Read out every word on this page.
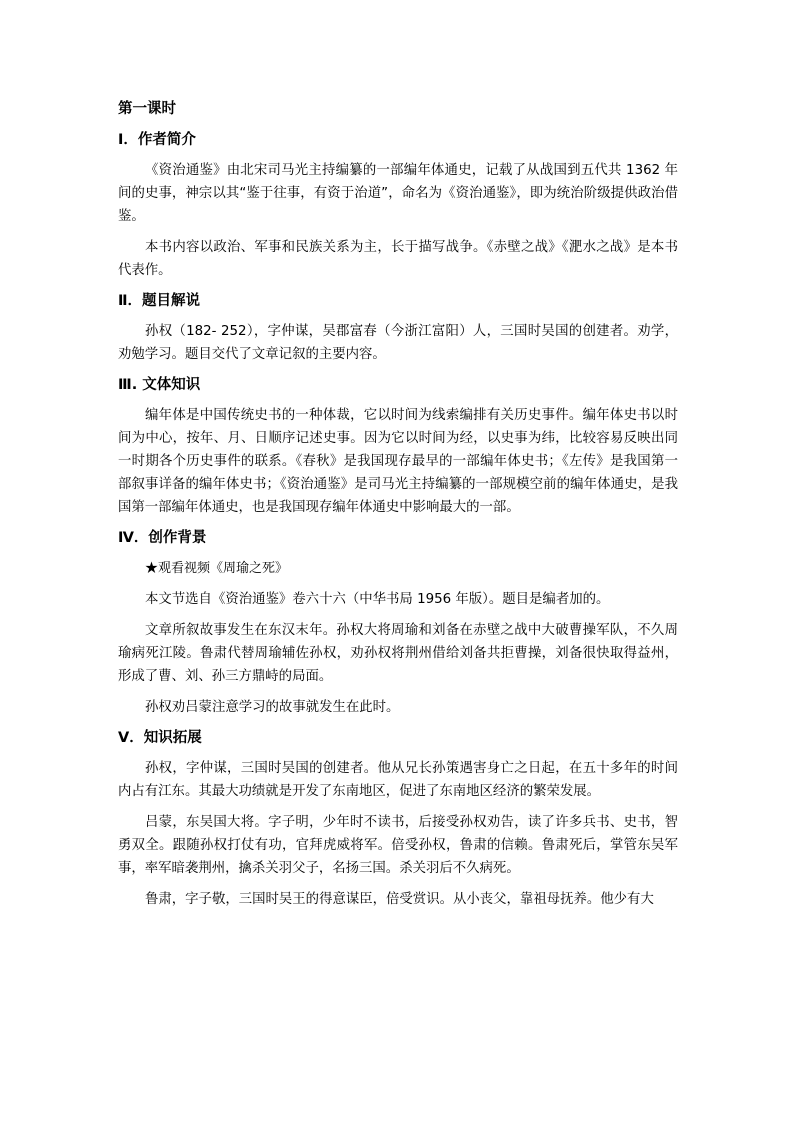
第一课时
Ⅰ．作者简介
《资治通鉴》由北宋司马光主持编纂的一部编年体通史，记载了从战国到五代共 1362 年间的史事，神宗以其“鉴于往事，有资于治道”，命名为《资治通鉴》，即为统治阶级提供政治借鉴。
本书内容以政治、军事和民族关系为主，长于描写战争。《赤壁之战》《淝水之战》是本书代表作。
Ⅱ．题目解说
孙权（182- 252），字仲谋，吴郡富春（今浙江富阳）人，三国时吴国的创建者。劝学，劝勉学习。题目交代了文章记叙的主要内容。
Ⅲ. 文体知识
编年体是中国传统史书的一种体裁，它以时间为线索编排有关历史事件。编年体史书以时间为中心，按年、月、日顺序记述史事。因为它以时间为经，以史事为纬，比较容易反映出同一时期各个历史事件的联系。《春秋》是我国现存最早的一部编年体史书；《左传》是我国第一部叙事详备的编年体史书；《资治通鉴》是司马光主持编纂的一部规模空前的编年体通史，是我国第一部编年体通史，也是我国现存编年体通史中影响最大的一部。
Ⅳ．创作背景
★观看视频《周瑜之死》
本文节选自《资治通鉴》卷六十六（中华书局 1956 年版）。题目是编者加的。
文章所叙故事发生在东汉末年。孙权大将周瑜和刘备在赤壁之战中大破曹操军队，不久周瑜病死江陵。鲁肃代替周瑜辅佐孙权，劝孙权将荆州借给刘备共拒曹操，刘备很快取得益州，形成了曹、刘、孙三方鼎峙的局面。
孙权劝吕蒙注意学习的故事就发生在此时。
Ⅴ．知识拓展
孙权，字仲谋，三国时吴国的创建者。他从兄长孙策遇害身亡之日起，在五十多年的时间内占有江东。其最大功绩就是开发了东南地区，促进了东南地区经济的繁荣发展。
吕蒙，东吴国大将。字子明，少年时不读书，后接受孙权劝告，读了许多兵书、史书，智勇双全。跟随孙权打仗有功，官拜虎威将军。倍受孙权，鲁肃的信赖。鲁肃死后，掌管东吴军事，率军暗袭荆州，擒杀关羽父子，名扬三国。杀关羽后不久病死。
鲁肃，字子敬，三国时吴王的得意谋臣，倍受赏识。从小丧父，靠祖母抚养。他少有大
